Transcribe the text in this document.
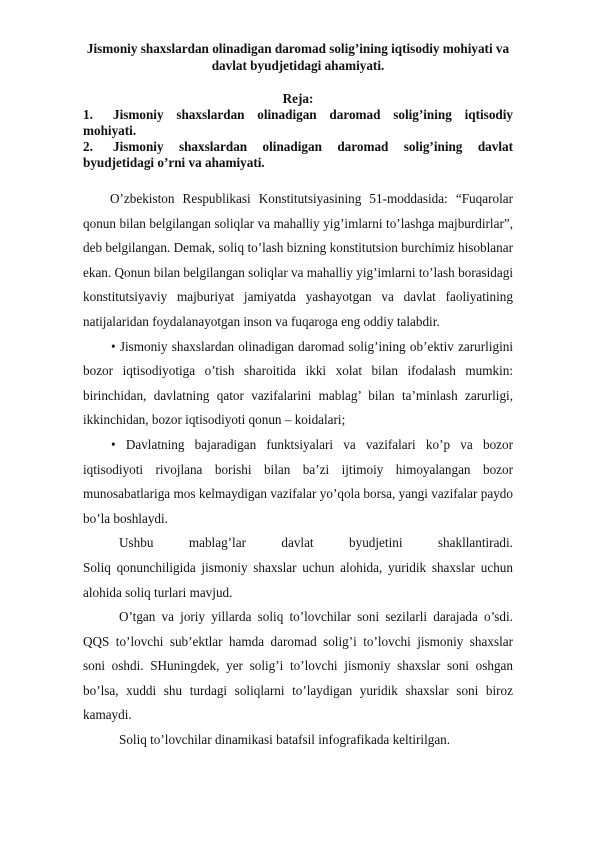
Jismoniy shaxslardan olinadigan daromad solig’ining iqtisodiy mohiyati va davlat byudjetidagi ahamiyati.

Reja:

1. Jismoniy shaxslardan olinadigan daromad solig’ining iqtisodiy mohiyati.

2. Jismoniy shaxslardan olinadigan daromad solig’ining davlat byudjetidagi o’rni va ahamiyati.

O’zbekiston Respublikasi Konstitutsiyasining 51-moddasida: “Fuqarolar qonun bilan belgilangan soliqlar va mahalliy yig’imlarni to’lashga majburdirlar”, deb belgilangan. Demak, soliq to’lash bizning konstitutsion burchimiz hisoblanar ekan. Qonun bilan belgilangan soliqlar va mahalliy yig’imlarni to’lash borasidagi konstitutsiyaviy majburiyat jamiyatda yashayotgan va davlat faoliyatining natijalaridan foydalanayotgan inson va fuqaroga eng oddiy talabdir.

• Jismoniy shaxslardan olinadigan daromad solig’ining ob’ektiv zarurligini bozor iqtisodiyotiga o’tish sharoitida ikki xolat bilan ifodalash mumkin: birinchidan, davlatning qator vazifalarini mablag’ bilan ta’minlash zarurligi, ikkinchidan, bozor iqtisodiyoti qonun – koidalari;

• Davlatning bajaradigan funktsiyalari va vazifalari ko’p va bozor iqtisodiyoti rivojlana borishi bilan ba’zi ijtimoiy himoyalangan bozor munosabatlariga mos kelmaydigan vazifalar yo’qola borsa, yangi vazifalar paydo bo’la boshlaydi.

Ushbu	mablag’lar	davlat	byudjetini	shakllantiradi.

Soliq qonunchiligida jismoniy shaxslar uchun alohida, yuridik shaxslar uchun alohida soliq turlari mavjud.

O’tgan va joriy yillarda soliq to’lovchilar soni sezilarli darajada o’sdi. QQS to’lovchi sub’ektlar hamda daromad solig’i to’lovchi jismoniy shaxslar soni oshdi. SHuningdek, yer solig’i to’lovchi jismoniy shaxslar soni oshgan bo’lsa, xuddi shu turdagi soliqlarni to’laydigan yuridik shaxslar soni biroz kamaydi.

Soliq to’lovchilar dinamikasi batafsil infografikada keltirilgan.
